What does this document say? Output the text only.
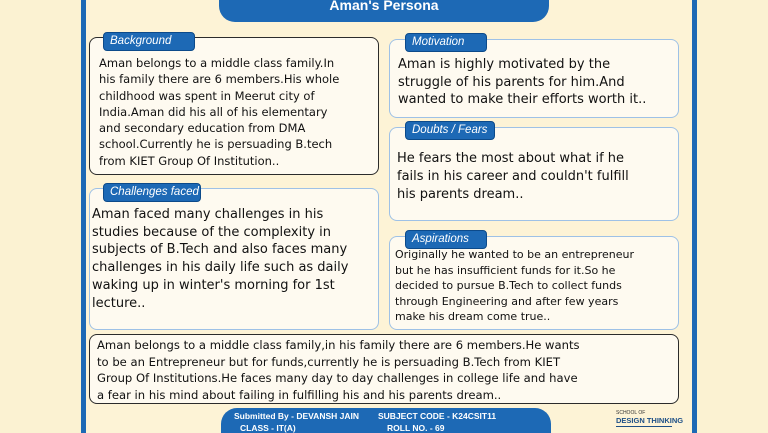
Aman's Persona
Background

Aman belongs to a middle class family.In
his family there are 6 members.His whole
childhood was spent in Meerut city of
India.Aman did his all of his elementary
and secondary education from DMA
school.Currently he is persuading B.tech
from KIET Group Of Institution..

Motivation

Aman is highly motivated by the
struggle of his parents for him.And
wanted to make their efforts worth it..

Doubts / Fears

He fears the most about what if he
fails in his career and couldn't fulfill
his parents dream..

Challenges faced

Aman faced many challenges in his
studies because of the complexity in
subjects of B.Tech and also faces many
challenges in his daily life such as daily
waking up in winter's morning for 1st
lecture..

Aspirations

Originally he wanted to be an entrepreneur
but he has insufficient funds for it.So he
decided to pursue B.Tech to collect funds
through Engineering and after few years
make his dream come true..

Aman belongs to a middle class family,in his family there are 6 members.He wants
to be an Entrepreneur but for funds,currently he is persuading B.Tech from KIET
Group Of Institutions.He faces many day to day challenges in college life and have
a fear in his mind about failing in fulfilling his and his parents dream..

Submitted By - DEVANSH JAIN
CLASS - IT(A)
SUBJECT CODE - K24CSIT11
ROLL NO. - 69
SCHOOL OF
DESIGN THINKING
